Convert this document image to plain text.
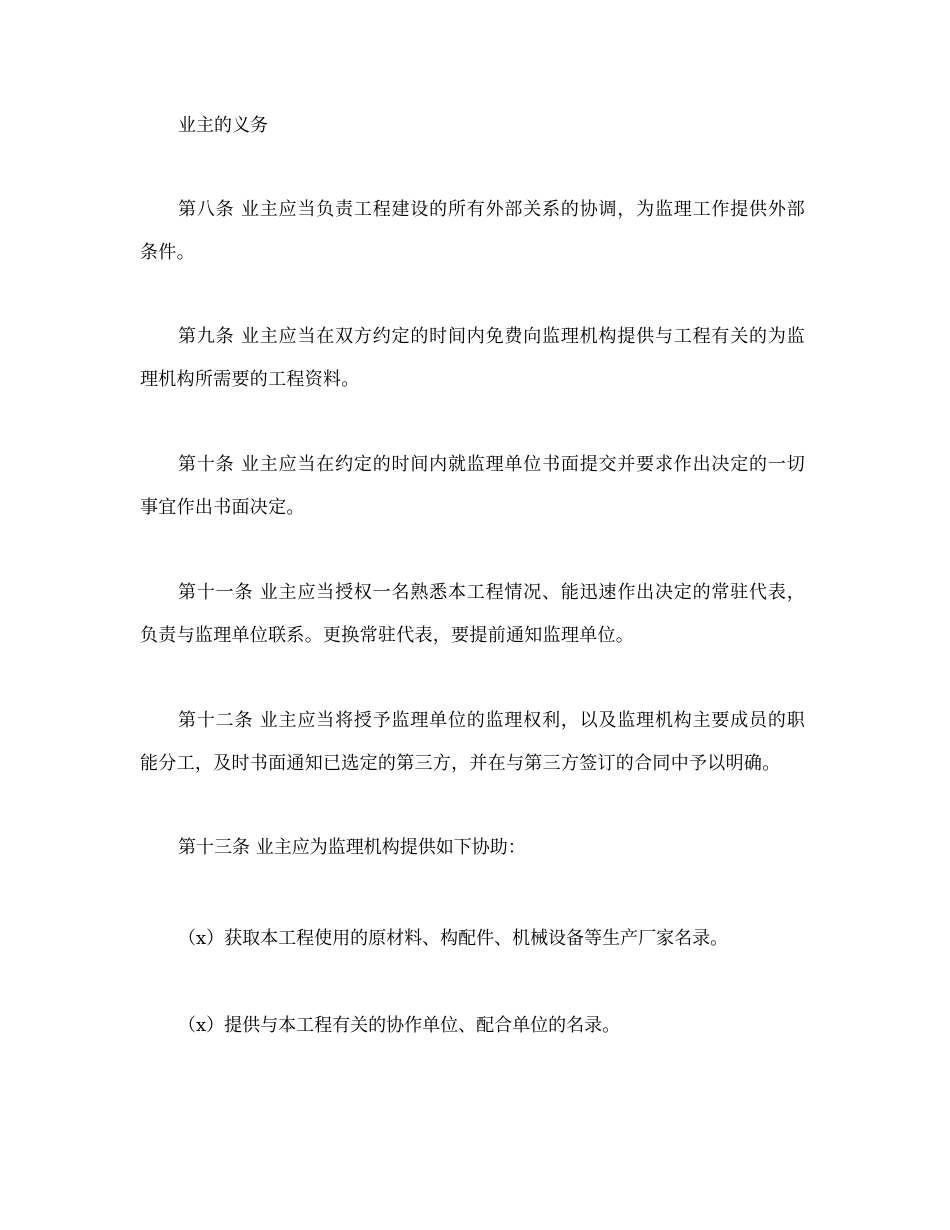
业主的义务

第八条 业主应当负责工程建设的所有外部关系的协调，为监理工作提供外部条件。

第九条 业主应当在双方约定的时间内免费向监理机构提供与工程有关的为监理机构所需要的工程资料。

第十条 业主应当在约定的时间内就监理单位书面提交并要求作出决定的一切事宜作出书面决定。

第十一条 业主应当授权一名熟悉本工程情况、能迅速作出决定的常驻代表，负责与监理单位联系。更换常驻代表，要提前通知监理单位。

第十二条 业主应当将授予监理单位的监理权利，以及监理机构主要成员的职能分工，及时书面通知已选定的第三方，并在与第三方签订的合同中予以明确。

第十三条 业主应为监理机构提供如下协助：

（x）获取本工程使用的原材料、构配件、机械设备等生产厂家名录。

（x）提供与本工程有关的协作单位、配合单位的名录。
